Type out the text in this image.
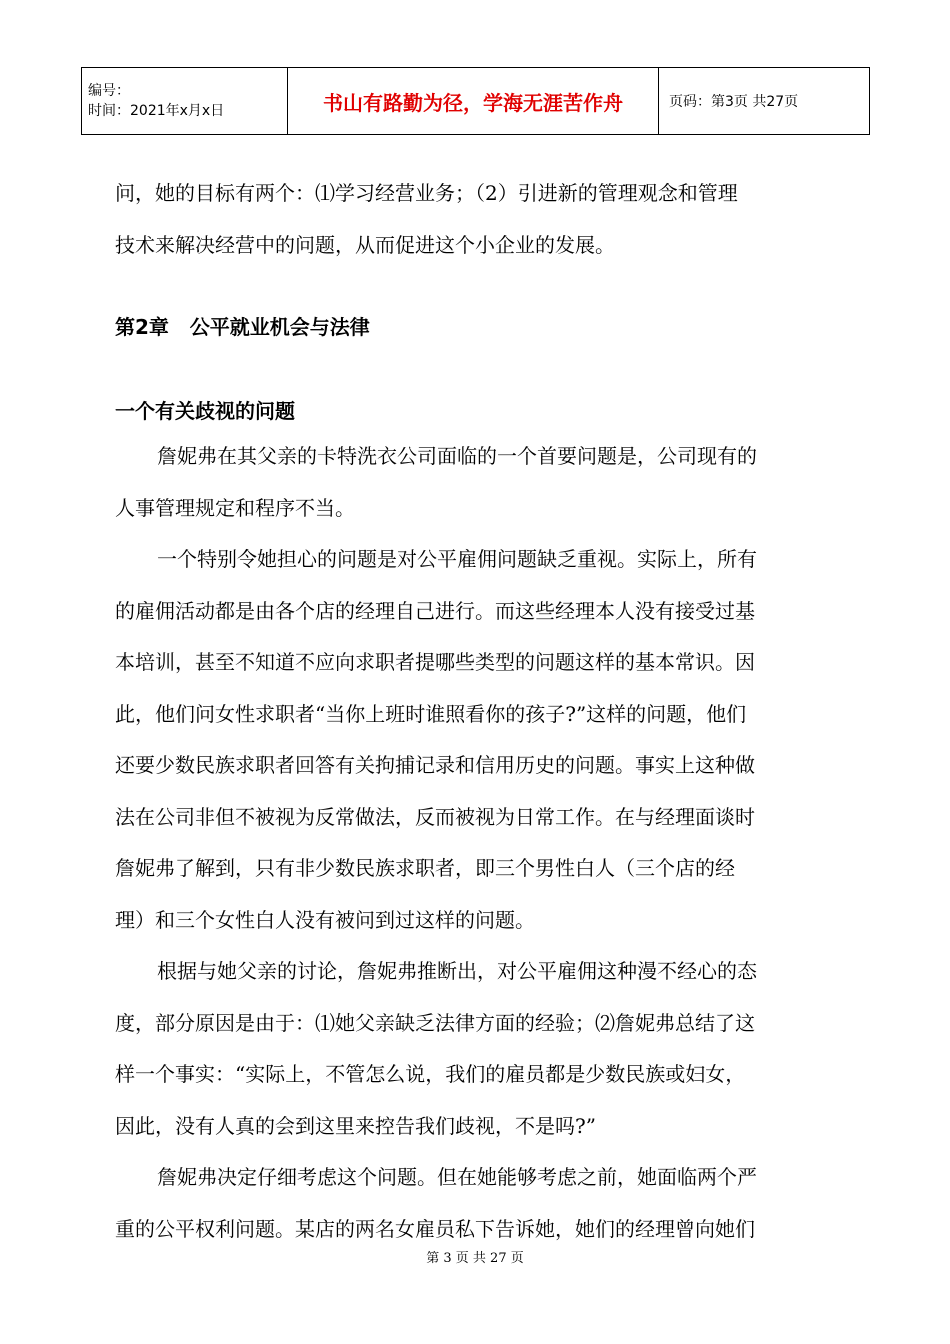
编号：
时间：2021年x月x日	书山有路勤为径，学海无涯苦作舟	页码：第3页 共27页

问，她的目标有两个：⑴学习经营业务；（2）引进新的管理观念和管理

技术来解决经营中的问题，从而促进这个小企业的发展。

第2章   公平就业机会与法律
一个有关歧视的问题

詹妮弗在其父亲的卡特洗衣公司面临的一个首要问题是，公司现有的

人事管理规定和程序不当。

一个特别令她担心的问题是对公平雇佣问题缺乏重视。实际上，所有

的雇佣活动都是由各个店的经理自己进行。而这些经理本人没有接受过基

本培训，甚至不知道不应向求职者提哪些类型的问题这样的基本常识。因

此，他们问女性求职者“当你上班时谁照看你的孩子?”这样的问题，他们

还要少数民族求职者回答有关拘捕记录和信用历史的问题。事实上这种做

法在公司非但不被视为反常做法，反而被视为日常工作。在与经理面谈时

詹妮弗了解到，只有非少数民族求职者，即三个男性白人（三个店的经

理）和三个女性白人没有被问到过这样的问题。

根据与她父亲的讨论，詹妮弗推断出，对公平雇佣这种漫不经心的态

度，部分原因是由于：⑴她父亲缺乏法律方面的经验；⑵詹妮弗总结了这

样一个事实：“实际上，不管怎么说，我们的雇员都是少数民族或妇女，

因此，没有人真的会到这里来控告我们歧视，不是吗?”

詹妮弗决定仔细考虑这个问题。但在她能够考虑之前，她面临两个严

重的公平权利问题。某店的两名女雇员私下告诉她，她们的经理曾向她们

第 3 页 共 27 页
